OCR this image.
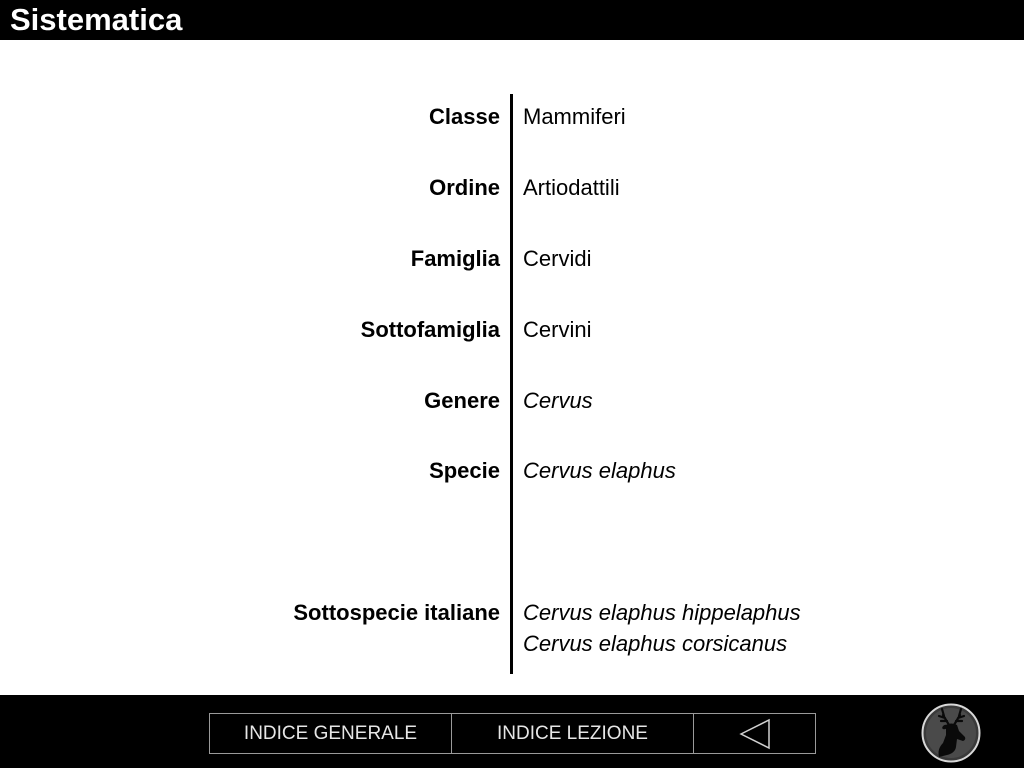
Sistematica
Classe Mammiferi
Ordine Artiodattili
Famiglia Cervidi
Sottofamiglia Cervini
Genere Cervus
Specie Cervus elaphus
Sottospecie italiane Cervus elaphus hippelaphus
Cervus elaphus corsicanus
INDICE GENERALE	INDICE LEZIONE
